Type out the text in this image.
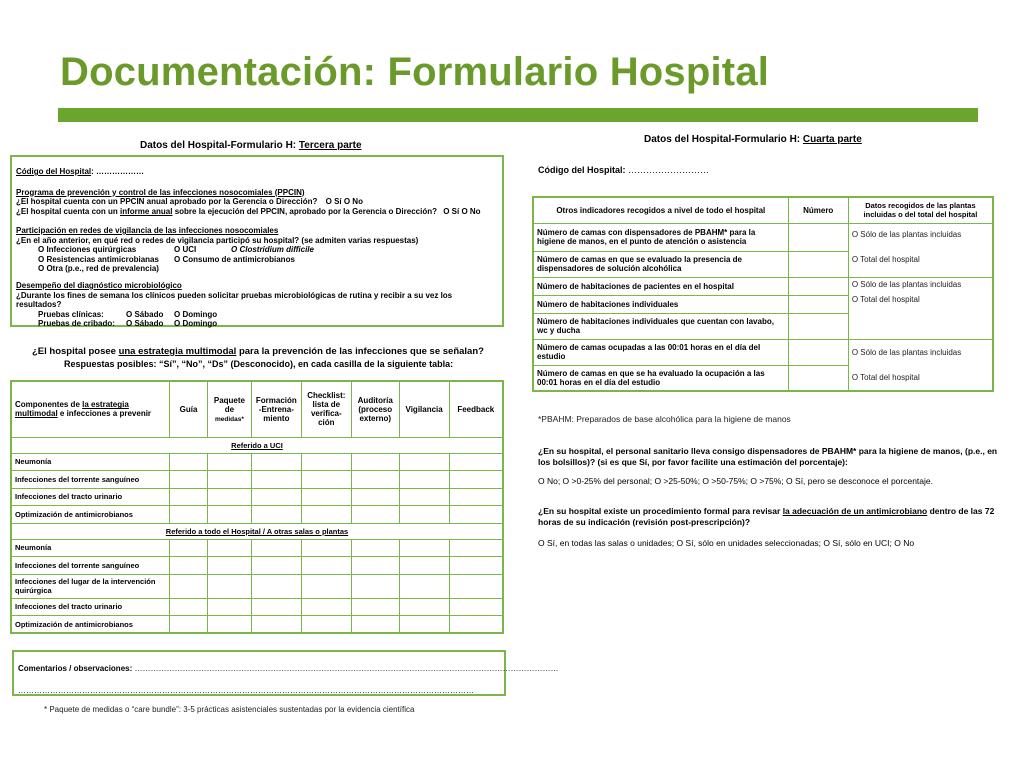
Documentación: Formulario Hospital
Datos del Hospital-Formulario H: Tercera parte
Código del Hospital: ………………
Programa de prevención y control de las infecciones nosocomiales (PPCIN)
¿El hospital cuenta con un PPCIN anual aprobado por la Gerencia o Dirección? O Sí O No
¿El hospital cuenta con un informe anual sobre la ejecución del PPCIN, aprobado por la Gerencia o Dirección? O Sí O No
Participación en redes de vigilancia de las infecciones nosocomiales
¿En el año anterior, en qué red o redes de vigilancia participó su hospital? (se admiten varias respuestas)
O Infecciones quirúrgicas	O UCI	O Clostridium difficile
O Resistencias antimicrobianas O Consumo de antimicrobianos
O Otra (p.e., red de prevalencia)
Desempeño del diagnóstico microbiológico
¿Durante los fines de semana los clínicos pueden solicitar pruebas microbiológicas de rutina y recibir a su vez los resultados?
Pruebas clínicas:	O Sábado O Domingo
Pruebas de cribado: O Sábado O Domingo
¿El hospital posee una estrategia multimodal para la prevención de las infecciones que se señalan?
Respuestas posibles: “Sí”, “No”, “Ds” (Desconocido), en cada casilla de la siguiente tabla:
Componentes de la estrategia multimodal e infecciones a prevenir	Guía	Paquete de
medidas*	Formación -Entrena-miento	Checklist: lista de verifica-ción	Auditoría (proceso externo)	Vigilancia	Feedback
Referido a UCI							
Neumonía							
Infecciones del torrente sanguíneo							
Infecciones del tracto urinario							
Optimización de antimicrobianos							
Referido a todo el Hospital / A otras salas o plantas							
Neumonía							
Infecciones del torrente sanguíneo							
Infecciones del lugar de la intervención quirúrgica							
Infecciones del tracto urinario							
Optimización de antimicrobianos							
Comentarios / observaciones: ……………………………………………………………………………………………………………………………………………
………………………………………………………………………………………………………………………………………………………
* Paquete de medidas o “care bundle”: 3-5 prácticas asistenciales sustentadas por la evidencia científica
Datos del Hospital-Formulario H: Cuarta parte
Código del Hospital: ………………………
Otros indicadores recogidos a nivel de todo el hospital	Número	Datos recogidos de las plantas incluidas o del total del hospital
Número de camas con dispensadores de PBAHM* para la higiene de manos, en el punto de atención o asistencia		O Sólo de las plantas incluidas
O Total del hospital

Número de camas en que se evaluado la presencia de dispensadores de solución alcohólica		
Número de habitaciones de pacientes en el hospital		O Sólo de las plantas incluidas
O Total del hospital

Número de habitaciones individuales		
Número de habitaciones individuales que cuentan con lavabo, wc y ducha		
Número de camas ocupadas a las 00:01 horas en el día del estudio		O Sólo de las plantas incluidas
O Total del hospital

Número de camas en que se ha evaluado la ocupación a las 00:01 horas en el día del estudio		
*PBAHM: Preparados de base alcohólica para la higiene de manos
¿En su hospital, el personal sanitario lleva consigo dispensadores de PBAHM* para la higiene de manos, (p.e., en los bolsillos)? (si es que Sí, por favor facilite una estimación del porcentaje):
O No; O >0-25% del personal; O >25-50%; O >50-75%; O >75%; O Sí, pero se desconoce el porcentaje.
¿En su hospital existe un procedimiento formal para revisar la adecuación de un antimicrobiano dentro de las 72 horas de su indicación (revisión post-prescripción)?
O Sí, en todas las salas o unidades; O Sí, sólo en unidades seleccionadas; O Sí, sólo en UCI; O No
